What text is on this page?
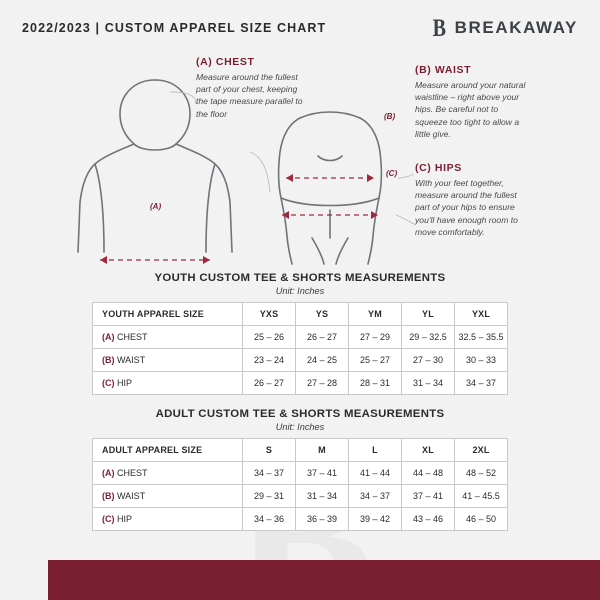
2022/2023 | CUSTOM APPAREL SIZE CHART	B BREAKAWAY
(A)
(B)
(C)
(A) CHEST
Measure around the fullest part of your chest, keeping the tape measure parallel to the floor
(B) WAIST
Measure around your natural waistline – right above your hips. Be careful not to squeeze too tight to allow a little give.
(C) HIPS
With your feet together, measure around the fullest part of your hips to ensure you'll have enough room to move comfortably.
YOUTH CUSTOM TEE & SHORTS MEASUREMENTS
Unit: Inches
YOUTH APPAREL SIZE	YXS	YS	YM	YL	YXL
(A) CHEST	25 – 26	26 – 27	27 – 29	29 – 32.5	32.5 – 35.5
(B) WAIST	23 – 24	24 – 25	25 – 27	27 – 30	30 – 33
(C) HIP	26 – 27	27 – 28	28 – 31	31 – 34	34 – 37
ADULT CUSTOM TEE & SHORTS MEASUREMENTS
Unit: Inches
ADULT APPAREL SIZE	S	M	L	XL	2XL
(A) CHEST	34 – 37	37 – 41	41 – 44	44 – 48	48 – 52
(B) WAIST	29 – 31	31 – 34	34 – 37	37 – 41	41 – 45.5
(C) HIP	34 – 36	36 – 39	39 – 42	43 – 46	46 – 50
